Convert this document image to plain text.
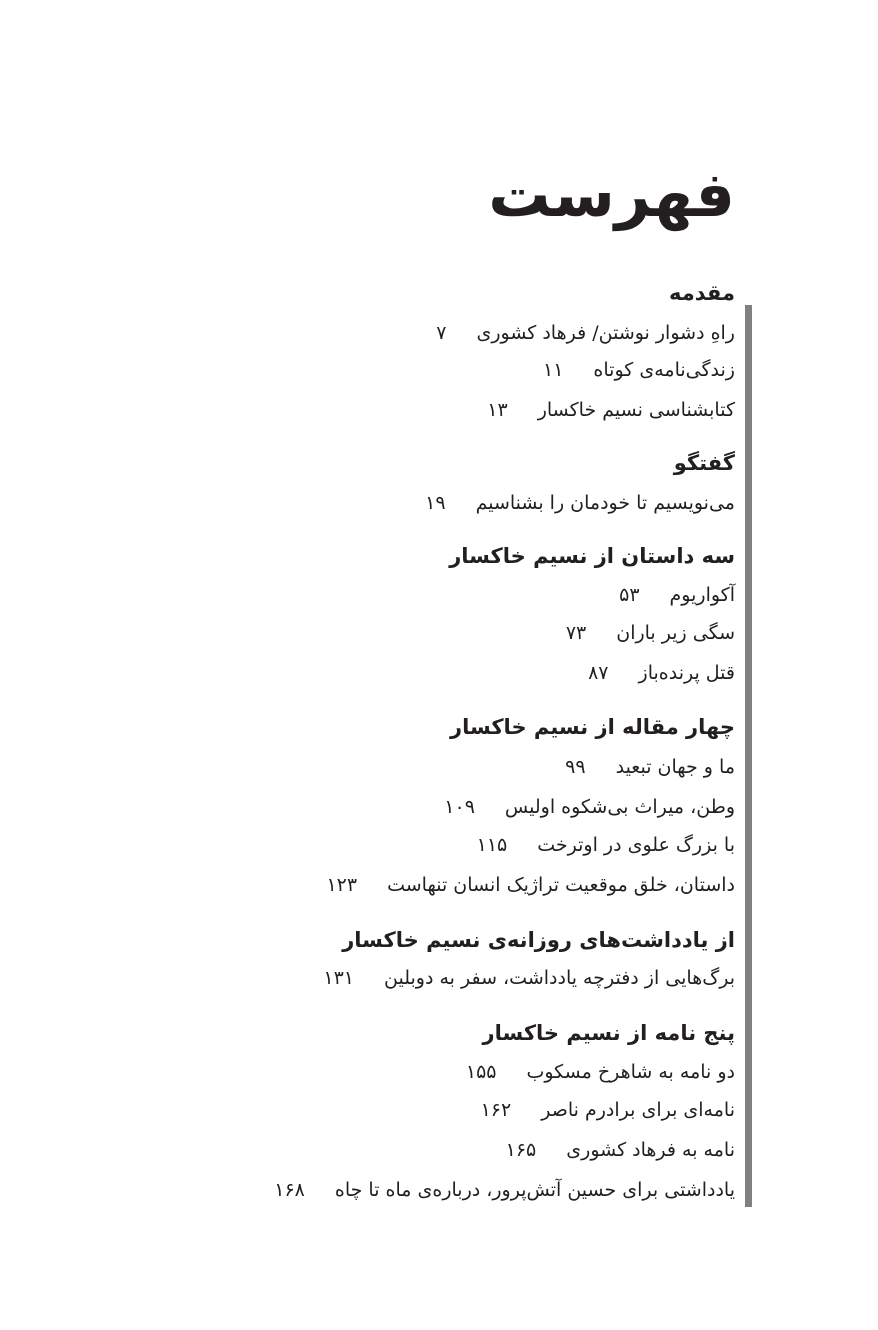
فهرست
مقدمه
راهِ دشوار نوشتن/ فرهاد کشوری۷
زندگی‌نامه‌ی کوتاه۱۱
کتابشناسی نسیم خاکسار۱۳
گفتگو
می‌نویسیم تا خودمان را بشناسیم۱۹
سه داستان از نسیم خاکسار
آکواریوم۵۳
سگی زیر باران۷۳
قتل پرنده‌باز۸۷
چهار مقاله از نسیم خاکسار
ما و جهان تبعید۹۹
وطن، میراث بی‌شکوه اولیس۱۰۹
با بزرگ علوی در اوترخت۱۱۵
داستان، خلق موقعیت تراژیک انسان تنهاست۱۲۳
از یادداشت‌های روزانه‌ی نسیم خاکسار
برگ‌هایی از دفترچه یادداشت، سفر به دوبلین۱۳۱
پنج نامه از نسیم خاکسار
دو نامه به شاهرخ مسکوب۱۵۵
نامه‌ای برای برادرم ناصر۱۶۲
نامه به فرهاد کشوری۱۶۵
یادداشتی برای حسین آتش‌پرور، درباره‌ی ماه تا چاه۱۶۸
